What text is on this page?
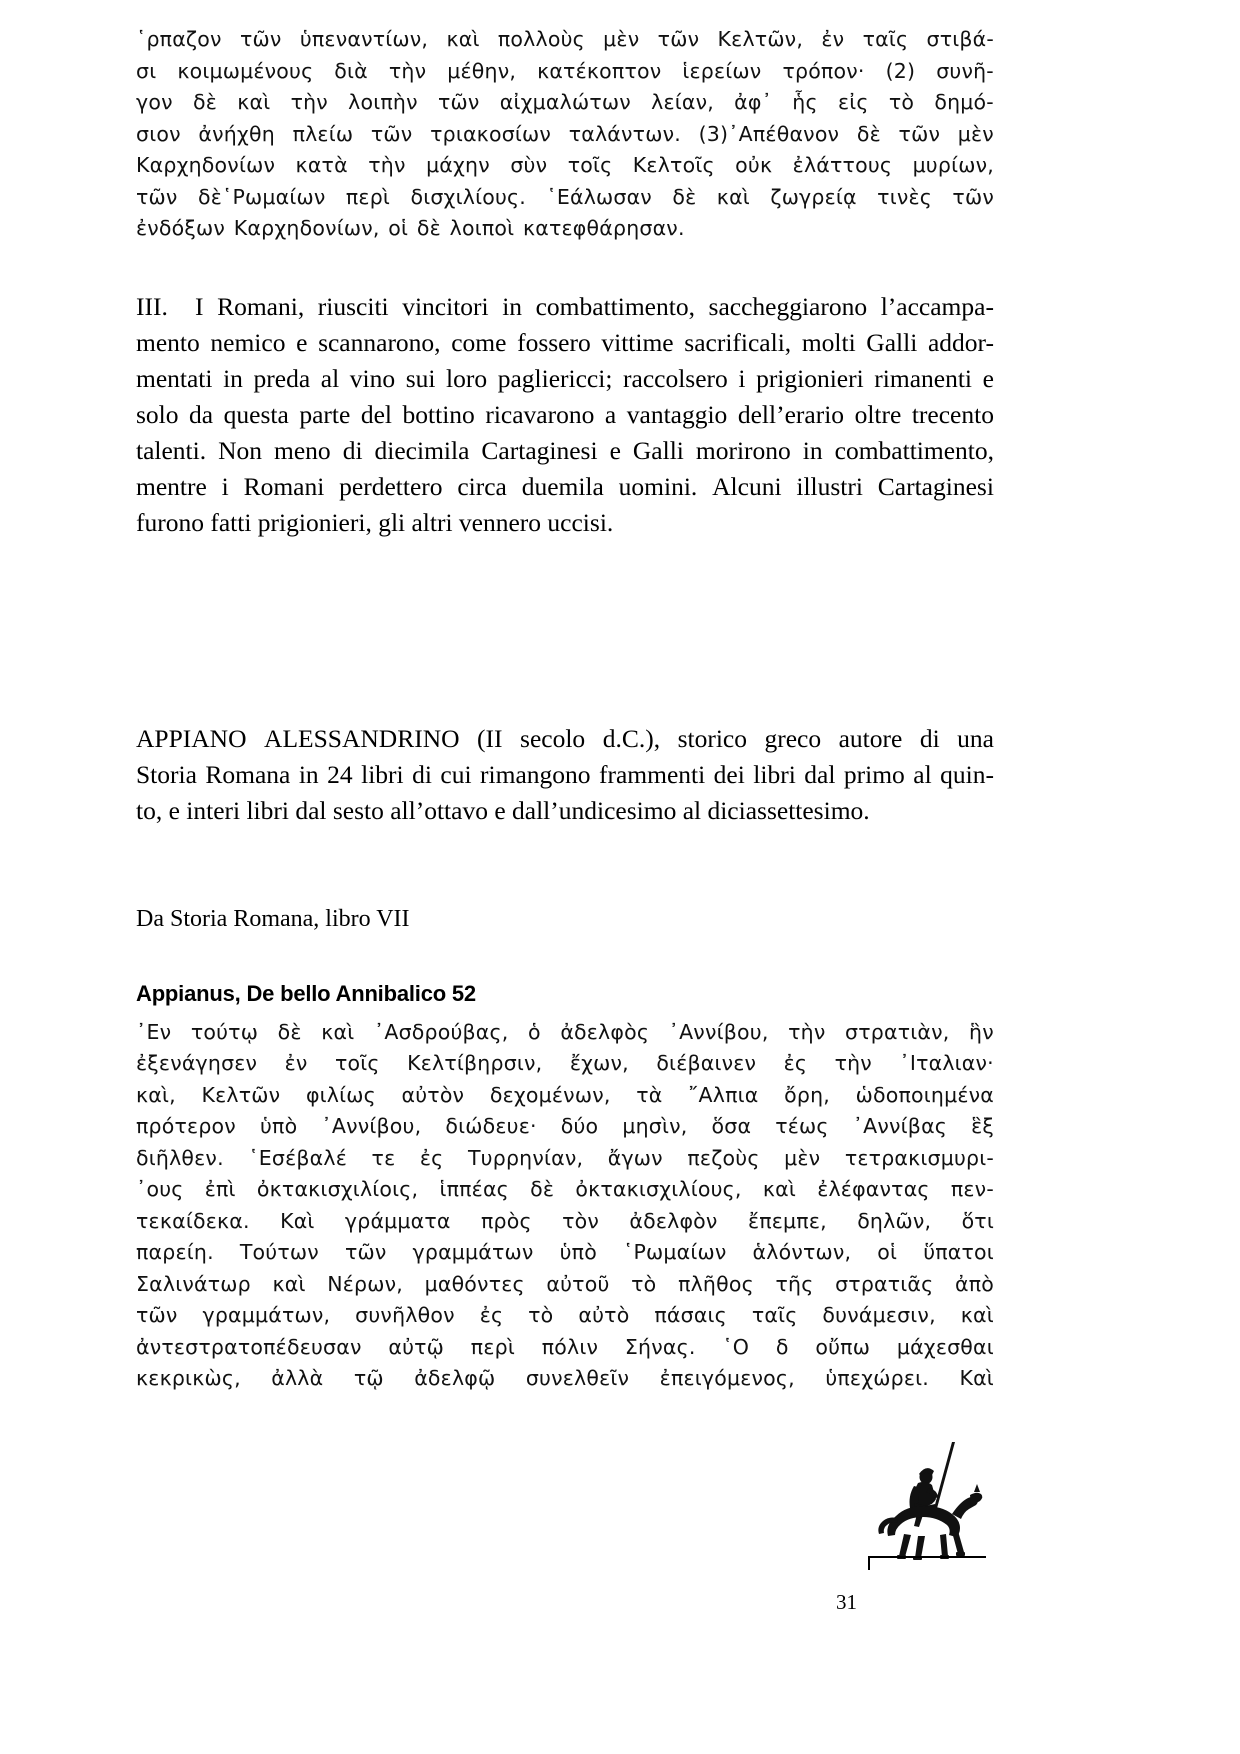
῾ρπαζον τῶν ὑπεναντίων, καὶ πολλοὺς μὲν τῶν Κελτῶν, ἐν ταῖς στιβά-
σι κοιμωμένους διὰ τὴν μέθην, κατέκοπτον ἱερείων τρόπον· (2) συνῆ-
γον δὲ καὶ τὴν λοιπὴν τῶν αἰχμαλώτων λείαν, ἀφ᾽ ἧς εἰς τὸ δημό-
σιον ἀνήχθη πλείω τῶν τριακοσίων ταλάντων. (3)᾽Απέθανον δὲ τῶν μὲν
Καρχηδονίων κατὰ τὴν μάχην σὺν τοῖς Κελτοῖς οὐκ ἐλάττους μυρίων,
τῶν δὲ῾Ρωμαίων περὶ δισχιλίους. ῾Εάλωσαν δὲ καὶ ζωγρείᾳ τινὲς τῶν
ἐνδόξων Καρχηδονίων, οἱ δὲ λοιποὶ κατεφθάρησαν.
III. I Romani, riusciti vincitori in combattimento, saccheggiarono l’accampa-
mento nemico e scannarono, come fossero vittime sacrificali, molti Galli addor-
mentati in preda al vino sui loro pagliericci; raccolsero i prigionieri rimanenti e
solo da questa parte del bottino ricavarono a vantaggio dell’erario oltre trecento
talenti. Non meno di diecimila Cartaginesi e Galli morirono in combattimento,
mentre i Romani perdettero circa duemila uomini. Alcuni illustri Cartaginesi
furono fatti prigionieri, gli altri vennero uccisi.
APPIANO ALESSANDRINO (II secolo d.C.), storico greco autore di una
Storia Romana in 24 libri di cui rimangono frammenti dei libri dal primo al quin-
to, e interi libri dal sesto all’ottavo e dall’undicesimo al diciassettesimo.
Da Storia Romana, libro VII
Appianus, De bello Annibalico 52
᾽Εν τούτῳ δὲ καὶ ᾽Ασδρούβας, ὁ ἀδελφὸς ᾽Αννίβου, τὴν στρατιὰν, ἣν
ἐξενάγησεν ἐν τοῖς Κελτίβηρσιν, ἔχων, διέβαινεν ἐς τὴν ᾽Ιταλιαν·
καὶ, Κελτῶν φιλίως αὐτὸν δεχομένων, τὰ ῎Αλπια ὄρη, ὡδοποιημένα
πρότερον ὑπὸ ᾽Αννίβου, διώδευε· δύο μησὶν, ὅσα τέως ᾽Αννίβας ἓξ
διῆλθεν. ῾Εσέβαλέ τε ἐς Τυρρηνίαν, ἄγων πεζοὺς μὲν τετρακισμυρι-
᾽ους ἐπὶ ὀκτακισχιλίοις, ἱππέας δὲ ὀκτακισχιλίους, καὶ ἐλέφαντας πεν-
τεκαίδεκα. Καὶ γράμματα πρὸς τὸν ἀδελφὸν ἔπεμπε, δηλῶν, ὅτι
παρείη. Τούτων τῶν γραμμάτων ὑπὸ ῾Ρωμαίων ἁλόντων, οἱ ὕπατοι
Σαλινάτωρ καὶ Νέρων, μαθόντες αὐτοῦ τὸ πλῆθος τῆς στρατιᾶς ἀπὸ
τῶν γραμμάτων, συνῆλθον ἐς τὸ αὐτὸ πάσαις ταῖς δυνάμεσιν, καὶ
ἀντεστρατοπέδευσαν αὐτῷ περὶ πόλιν Σήνας. ῾Ο δ οὔπω μάχεσθαι
κεκρικὼς, ἀλλὰ τῷ ἀδελφῷ συνελθεῖν ἐπειγόμενος, ὑπεχώρει. Καὶ
31
